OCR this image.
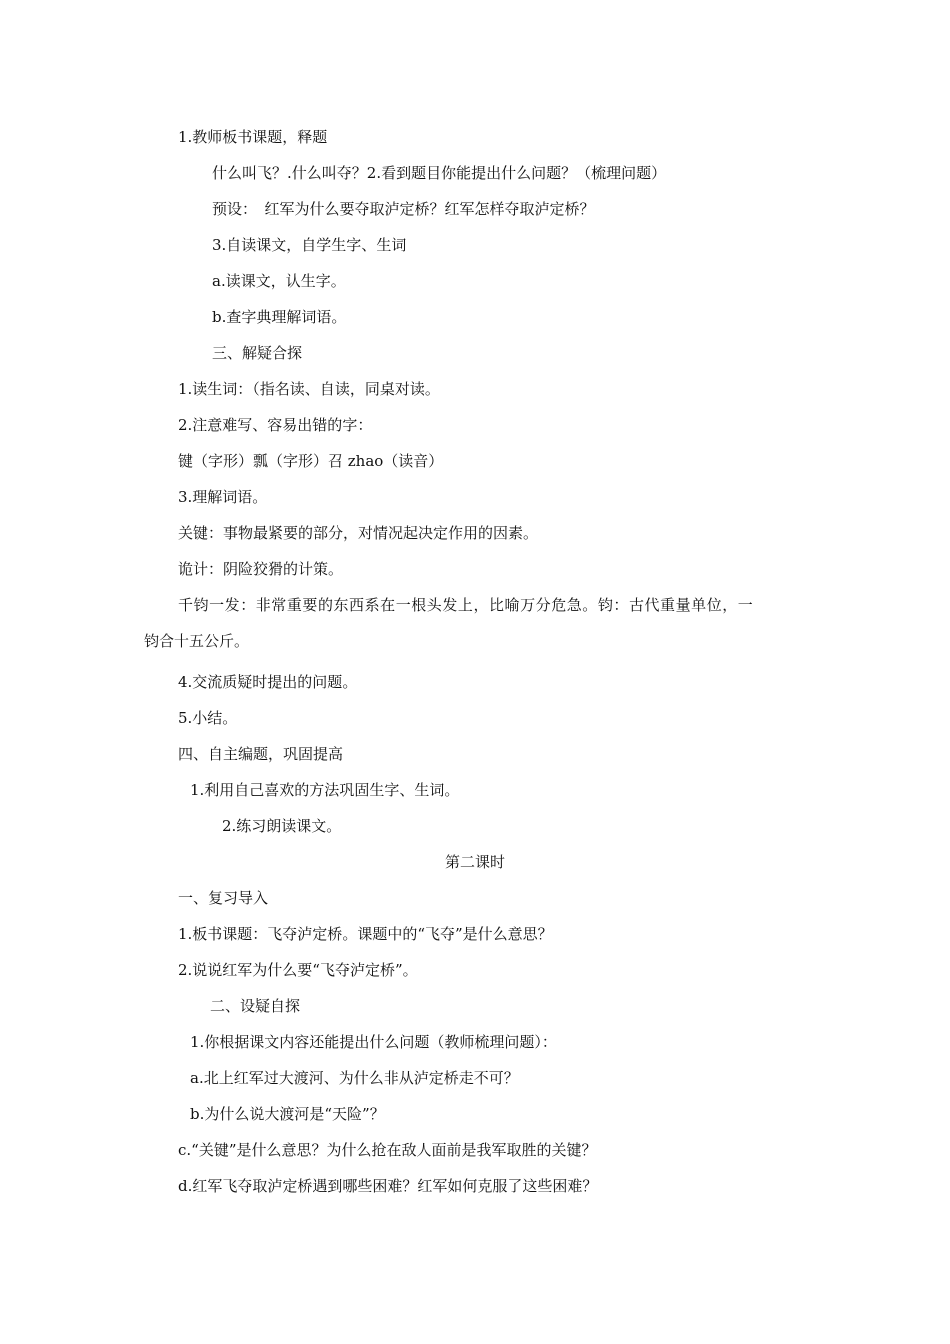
1.教师板书课题，释题
什么叫飞？.什么叫夺？2.看到题目你能提出什么问题？（梳理问题）
预设：　红军为什么要夺取泸定桥？红军怎样夺取泸定桥？
3.自读课文，自学生字、生词
a.读课文，认生字。
b.查字典理解词语。
三、解疑合探
1.读生词：（指名读、自读，同桌对读。
2.注意难写、容易出错的字：
键（字形）瓢（字形）召 zhao（读音）
3.理解词语。
关键：事物最紧要的部分，对情况起决定作用的因素。
诡计：阴险狡猾的计策。
千钧一发：非常重要的东西系在一根头发上，比喻万分危急。钧：古代重量单位，一
钧合十五公斤。
4.交流质疑时提出的问题。
5.小结。
四、自主编题，巩固提高
1.利用自己喜欢的方法巩固生字、生词。
2.练习朗读课文。
第二课时
一、复习导入
1.板书课题：飞夺泸定桥。课题中的“飞夺”是什么意思？
2.说说红军为什么要“飞夺泸定桥”。
二、设疑自探
1.你根据课文内容还能提出什么问题（教师梳理问题）：
a.北上红军过大渡河、为什么非从泸定桥走不可？
b.为什么说大渡河是“天险”？
c.“关键”是什么意思？为什么抢在敌人面前是我军取胜的关键？
d.红军飞夺取泸定桥遇到哪些困难？红军如何克服了这些困难？
